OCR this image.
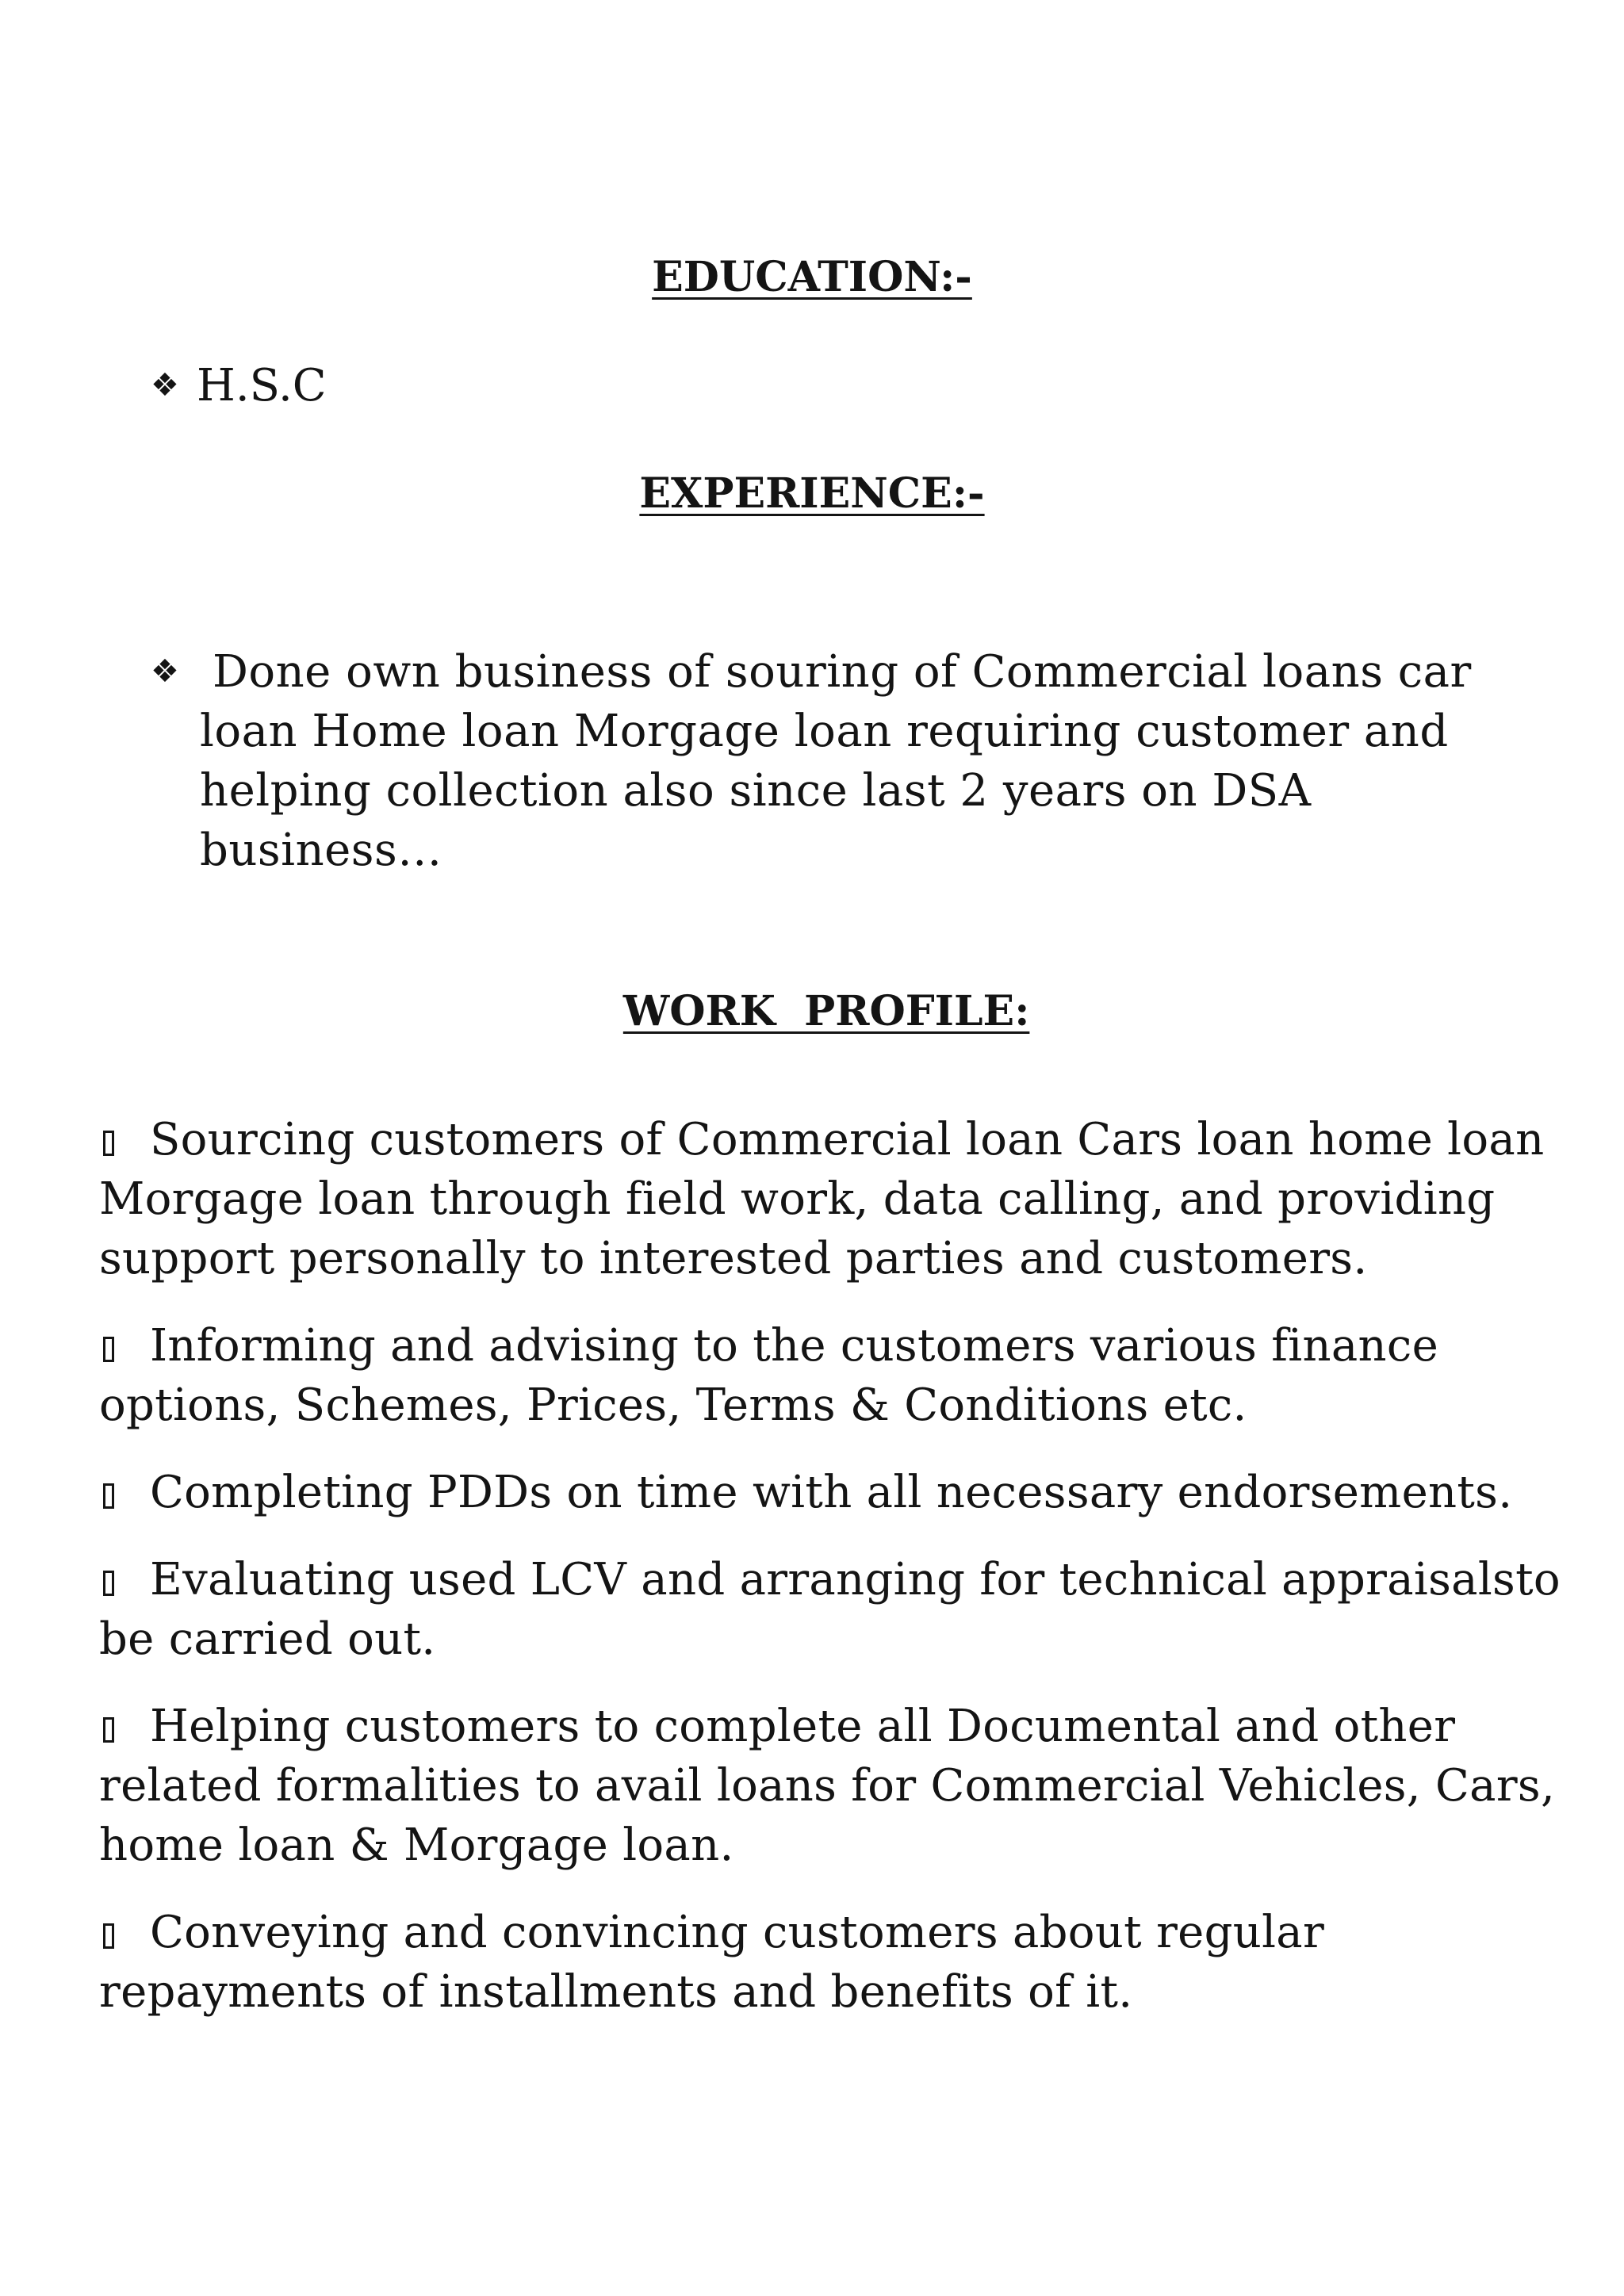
EDUCATION:-
❖ H.S.C
EXPERIENCE:-
❖ Done own business of souring of Commercial loans car loan Home loan Morgage loan requiring customer and helping collection also since last 2 years on DSA business…

WORK  PROFILE:

Sourcing customers of Commercial loan Cars loan home loan Morgage loan through field work, data calling, and providing support personally to interested parties and customers.

Informing and advising to the customers various finance options, Schemes, Prices, Terms & Conditions etc.

Completing PDDs on time with all necessary endorsements.

Evaluating used LCV and arranging for technical appraisalsto be carried out.

Helping customers to complete all Documental and other related formalities to avail loans for Commercial Vehicles, Cars, home loan & Morgage loan.

Conveying and convincing customers about regular repayments of installments and benefits of it.
